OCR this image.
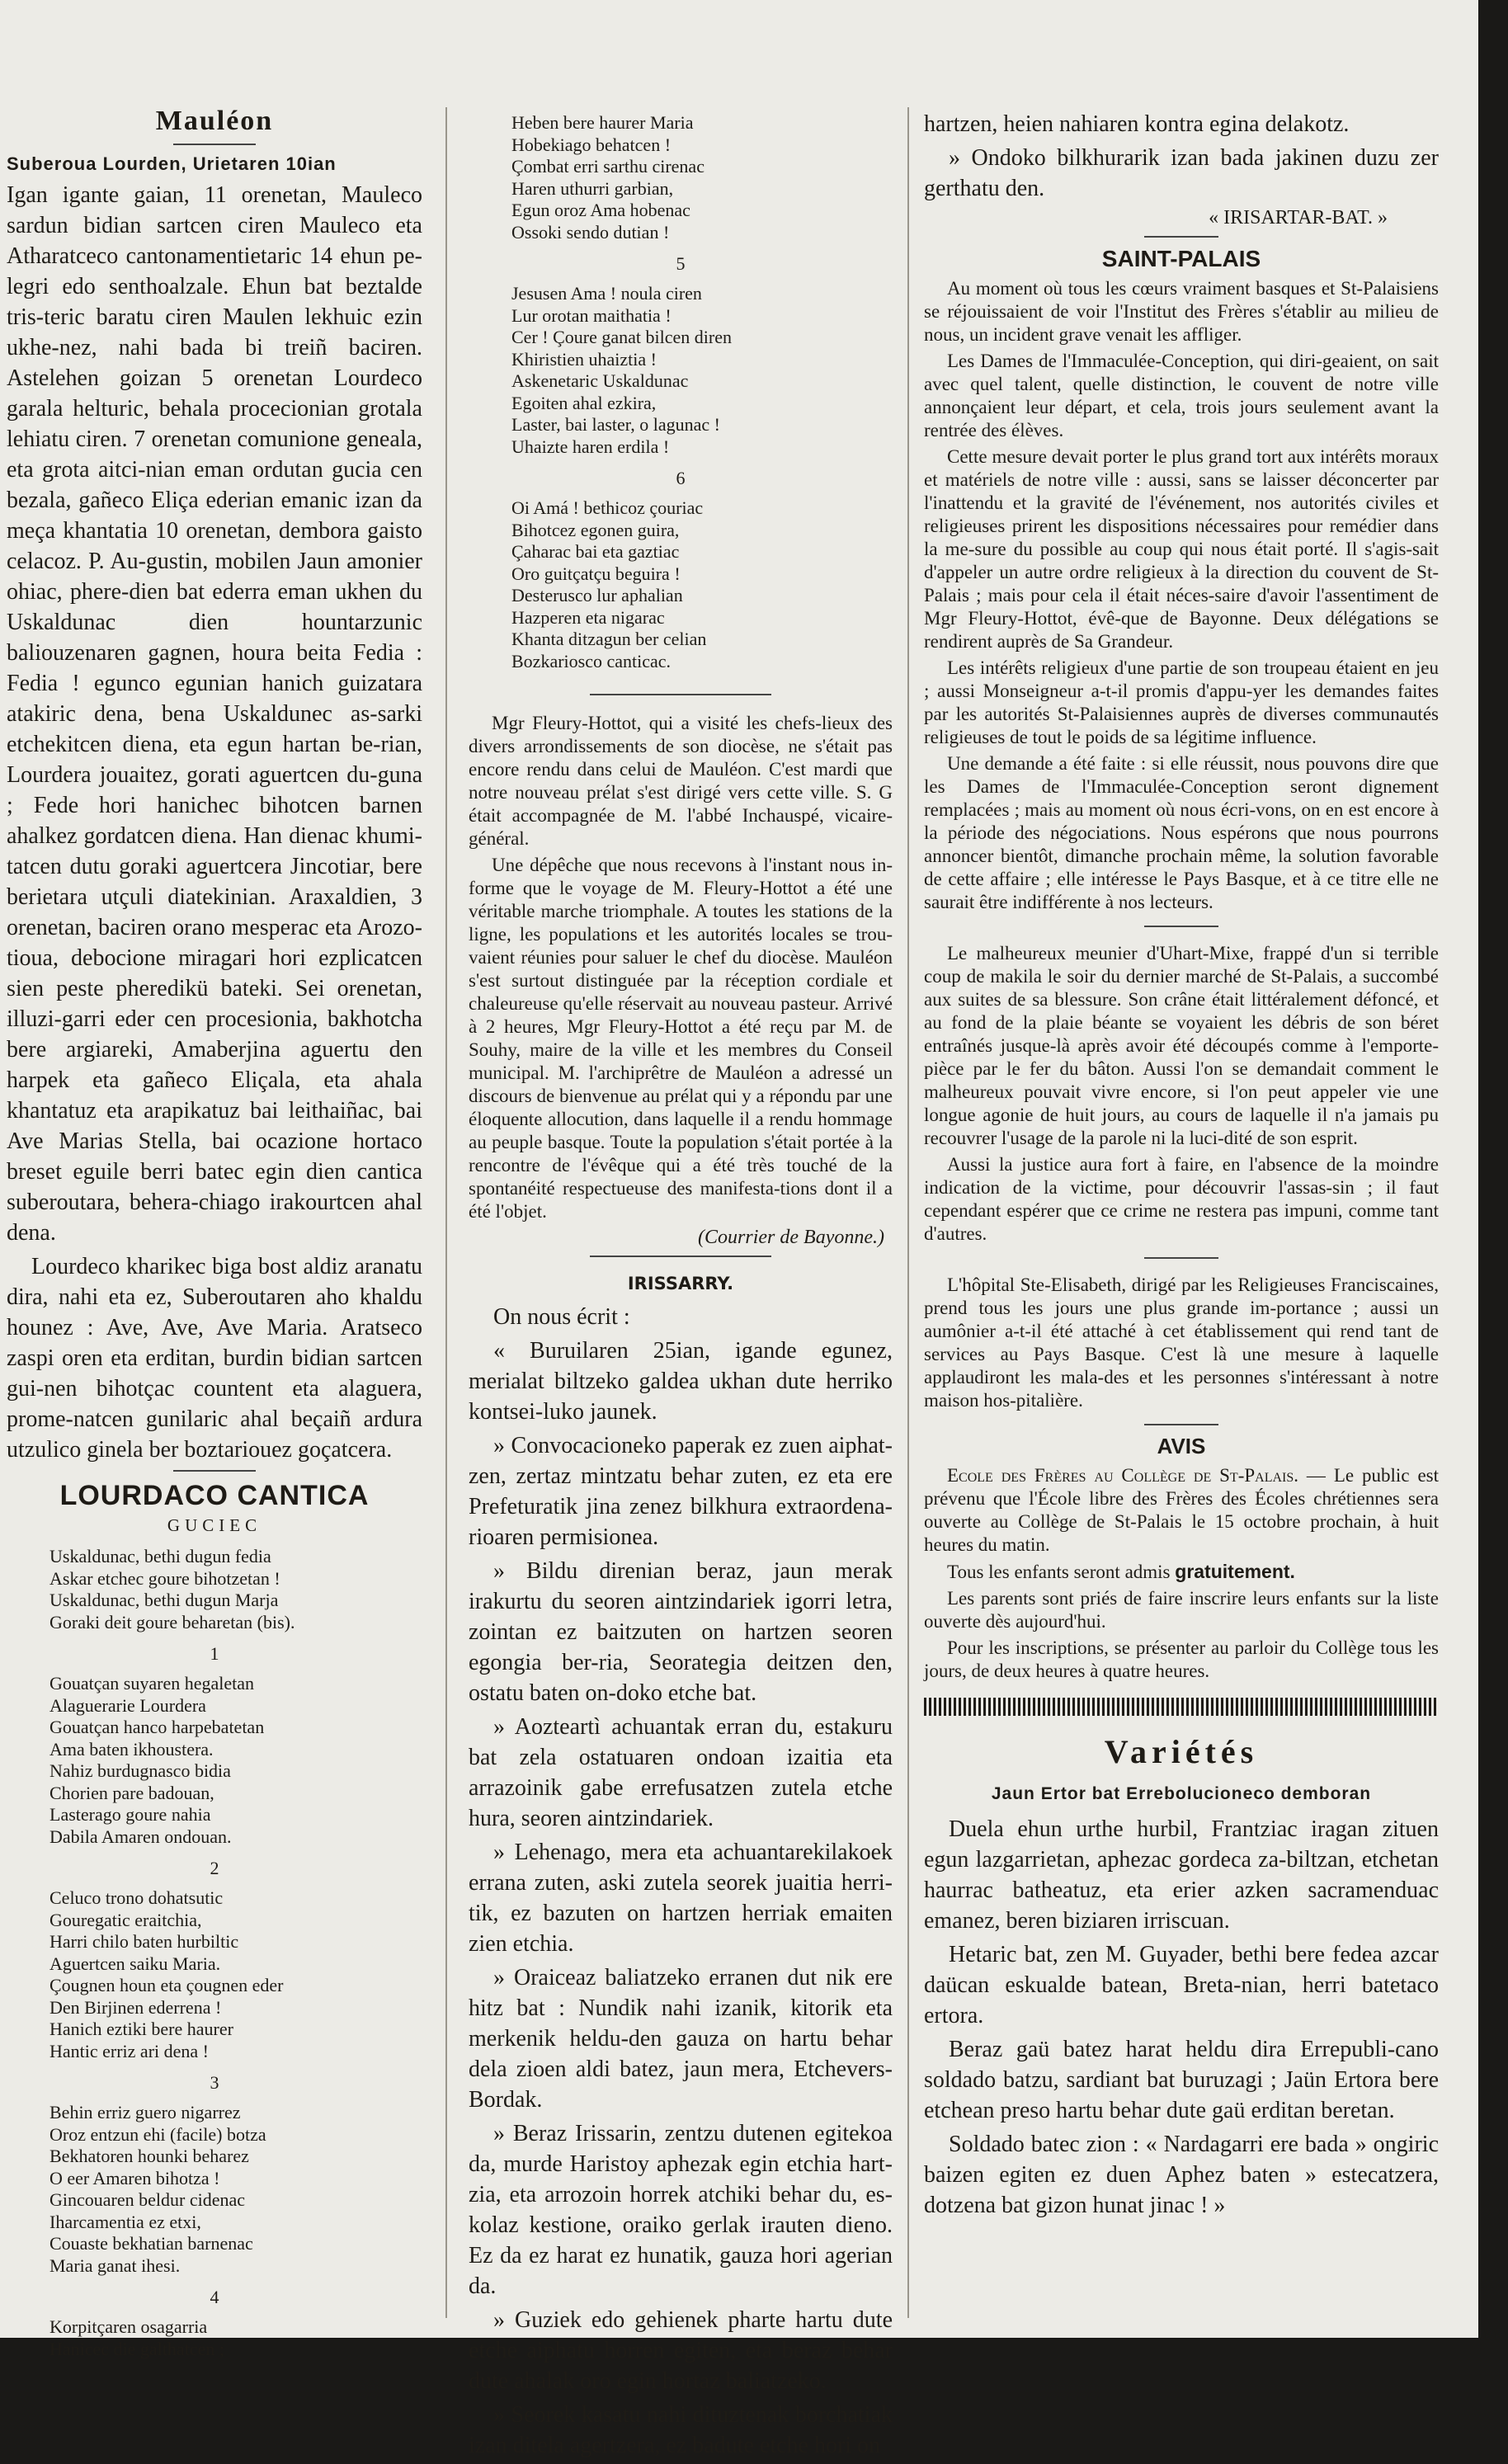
Mauléon
Suberoua Lourden, Urietaren 10ian
Igan igante gaian, 11 orenetan, Mauleco sardun bidian sartcen ciren Mauleco eta Atharatceco cantonamentietaric 14 ehun pe-legri edo senthoalzale. Ehun bat beztalde tris-teric baratu ciren Maulen lekhuic ezin ukhe-nez, nahi bada bi treiñ baciren. Astelehen goizan 5 orenetan Lourdeco garala helturic, behala procecionian grotala lehiatu ciren. 7 orenetan comunione geneala, eta grota aitci-nian eman ordutan gucia cen bezala, gañeco Eliça ederian emanic izan da meça khantatia 10 orenetan, dembora gaisto celacoz. P. Au-gustin, mobilen Jaun amonier ohiac, phere-dien bat ederra eman ukhen du Uskaldunac dien hountarzunic baliouzenaren gagnen, houra beita Fedia : Fedia ! egunco egunian hanich guizatara atakiric dena, bena Uskaldunec as-sarki etchekitcen diena, eta egun hartan be-rian, Lourdera jouaitez, gorati aguertcen du-guna ; Fede hori hanichec bihotcen barnen ahalkez gordatcen diena. Han dienac khumi-tatcen dutu goraki aguertcera Jincotiar, bere berietara utçuli diatekinian. Araxaldien, 3 orenetan, baciren orano mesperac eta Arozo-tioua, debocione miragari hori ezplicatcen sien peste pheredikü bateki. Sei orenetan, illuzi-garri eder cen procesionia, bakhotcha bere argiareki, Amaberjina aguertu den harpek eta gañeco Eliçala, eta ahala khantatuz eta arapikatuz bai leithaiñac, bai Ave Marias Stella, bai ocazione hortaco breset eguile berri batec egin dien cantica suberoutara, behera-chiago irakourtcen ahal dena.
Lourdeco kharikec biga bost aldiz aranatu dira, nahi eta ez, Suberoutaren aho khaldu hounez : Ave, Ave, Ave Maria. Aratseco zaspi oren eta erditan, burdin bidian sartcen gui-nen bihotçac countent eta alaguera, prome-natcen gunilaric ahal beçaiñ ardura utzulico ginela ber boztariouez goçatcera.
LOURDACO CANTICA
GUCIEC
Uskaldunac, bethi dugun fedia
Askar etchec goure bihotzetan !
Uskaldunac, bethi dugun Marja
Goraki deit goure beharetan (bis).
1
Gouatçan suyaren hegaletan
Alaguerarie Lourdera
Gouatçan hanco harpebatetan
Ama baten ikhoustera.
Nahiz burdugnasco bidia
Chorien pare badouan,
Lasterago goure nahia
Dabila Amaren ondouan.
2
Celuco trono dohatsutic
Gouregatic eraitchia,
Harri chilo baten hurbiltic
Aguertcen saiku Maria.
Çougnen houn eta çougnen eder
Den Birjinen ederrena !
Hanich eztiki bere haurer
Hantic erriz ari dena !
3
Behin erriz guero nigarrez
Oroz entzun ehi (facile) botza
Bekhatoren hounki beharez
O eer Amaren bihotza !
Gincouaren beldur cidenac
Iharcamentia ez etxi,
Couaste bekhatian barnenac
Maria ganat ihesi.
4
Korpitçaren osagarria
Hanicec die galthatcen ;
Heben bere haurer Maria
Hobekiago behatcen !
Çombat erri sarthu cirenac
Haren uthurri garbian,
Egun oroz Ama hobenac
Ossoki sendo dutian !
5
Jesusen Ama ! noula ciren
Lur orotan maithatia !
Cer ! Çoure ganat bilcen diren
Khiristien uhaiztia !
Askenetaric Uskaldunac
Egoiten ahal ezkira,
Laster, bai laster, o lagunac !
Uhaizte haren erdila !
6
Oi Amá ! bethicoz çouriac
Bihotcez egonen guira,
Çaharac bai eta gaztiac
Oro guitçatçu beguira !
Desterusco lur aphalian
Hazperen eta nigarac
Khanta ditzagun ber celian
Bozkariosco canticac.
Mgr Fleury-Hottot, qui a visité les chefs-lieux des divers arrondissements de son diocèse, ne s'était pas encore rendu dans celui de Mauléon. C'est mardi que notre nouveau prélat s'est dirigé vers cette ville. S. G était accompagnée de M. l'abbé Inchauspé, vicaire-général.
Une dépêche que nous recevons à l'instant nous in-forme que le voyage de M. Fleury-Hottot a été une véritable marche triomphale. A toutes les stations de la ligne, les populations et les autorités locales se trou-vaient réunies pour saluer le chef du diocèse. Mauléon s'est surtout distinguée par la réception cordiale et chaleureuse qu'elle réservait au nouveau pasteur. Arrivé à 2 heures, Mgr Fleury-Hottot a été reçu par M. de Souhy, maire de la ville et les membres du Conseil municipal. M. l'archiprêtre de Mauléon a adressé un discours de bienvenue au prélat qui y a répondu par une éloquente allocution, dans laquelle il a rendu hommage au peuple basque. Toute la population s'était portée à la rencontre de l'évêque qui a été très touché de la spontanéité respectueuse des manifesta-tions dont il a été l'objet.
(Courrier de Bayonne.)
IRISSARRY.
On nous écrit :
« Buruilaren 25ian, igande egunez, merialat biltzeko galdea ukhan dute herriko kontsei-luko jaunek.
» Convocacioneko paperak ez zuen aiphat-zen, zertaz mintzatu behar zuten, ez eta ere Prefeturatik jina zenez bilkhura extraordena-rioaren permisionea.
» Bildu direnian beraz, jaun merak irakurtu du seoren aintzindariek igorri letra, zointan ez baitzuten on hartzen seoren egongia ber-ria, Seorategia deitzen den, ostatu baten on-doko etche bat.
» Aozteartì achuantak erran du, estakuru bat zela ostatuaren ondoan izaitia eta arrazoinik gabe errefusatzen zutela etche hura, seoren aintzindariek.
» Lehenago, mera eta achuantarekilakoek errana zuten, aski zutela seorek juaitia herri-tik, ez bazuten on hartzen herriak emaiten zien etchia.
» Oraiceaz baliatzeko erranen dut nik ere hitz bat : Nundik nahi izanik, kitorik eta merkenik heldu-den gauza on hartu behar dela zioen aldi batez, jaun mera, Etchevers-Bordak.
» Beraz Irissarin, zentzu dutenen egitekoa da, murde Haristoy aphezak egin etchia hart-zia, eta arrozoin horrek atchiki behar du, es-kolaz kestione, oraiko gerlak irauten dieno. Ez da ez harat ez hunatik, gauza hori agerian da.
» Guziek edo gehienek pharte hartu dute etche aiphatu horren egiten, eta beraz behar dute ahalak oro egin hortaz baliatzeko.
» Seorek kasatu nahi dituztenak borchatiak izan ditela agertzera, ez badute etche hori on
hartzen, heien nahiaren kontra egina delakotz.
» Ondoko bilkhurarik izan bada jakinen duzu zer gerthatu den.
« IRISARTAR-BAT. »
SAINT-PALAIS
Au moment où tous les cœurs vraiment basques et St-Palaisiens se réjouissaient de voir l'Institut des Frères s'établir au milieu de nous, un incident grave venait les affliger.
Les Dames de l'Immaculée-Conception, qui diri-geaient, on sait avec quel talent, quelle distinction, le couvent de notre ville annonçaient leur départ, et cela, trois jours seulement avant la rentrée des élèves.
Cette mesure devait porter le plus grand tort aux intérêts moraux et matériels de notre ville : aussi, sans se laisser déconcerter par l'inattendu et la gravité de l'événement, nos autorités civiles et religieuses prirent les dispositions nécessaires pour remédier dans la me-sure du possible au coup qui nous était porté. Il s'agis-sait d'appeler un autre ordre religieux à la direction du couvent de St-Palais ; mais pour cela il était néces-saire d'avoir l'assentiment de Mgr Fleury-Hottot, évê-que de Bayonne. Deux délégations se rendirent auprès de Sa Grandeur.
Les intérêts religieux d'une partie de son troupeau étaient en jeu ; aussi Monseigneur a-t-il promis d'appu-yer les demandes faites par les autorités St-Palaisiennes auprès de diverses communautés religieuses de tout le poids de sa légitime influence.
Une demande a été faite : si elle réussit, nous pouvons dire que les Dames de l'Immaculée-Conception seront dignement remplacées ; mais au moment où nous écri-vons, on en est encore à la période des négociations. Nous espérons que nous pourrons annoncer bientôt, dimanche prochain même, la solution favorable de cette affaire ; elle intéresse le Pays Basque, et à ce titre elle ne saurait être indifférente à nos lecteurs.
Le malheureux meunier d'Uhart-Mixe, frappé d'un si terrible coup de makila le soir du dernier marché de St-Palais, a succombé aux suites de sa blessure. Son crâne était littéralement défoncé, et au fond de la plaie béante se voyaient les débris de son béret entraînés jusque-là après avoir été découpés comme à l'emporte-pièce par le fer du bâton. Aussi l'on se demandait comment le malheureux pouvait vivre encore, si l'on peut appeler vie une longue agonie de huit jours, au cours de laquelle il n'a jamais pu recouvrer l'usage de la parole ni la luci-dité de son esprit.
Aussi la justice aura fort à faire, en l'absence de la moindre indication de la victime, pour découvrir l'assas-sin ; il faut cependant espérer que ce crime ne restera pas impuni, comme tant d'autres.
L'hôpital Ste-Elisabeth, dirigé par les Religieuses Franciscaines, prend tous les jours une plus grande im-portance ; aussi un aumônier a-t-il été attaché à cet établissement qui rend tant de services au Pays Basque. C'est là une mesure à laquelle applaudiront les mala-des et les personnes s'intéressant à notre maison hos-pitalière.
AVIS
Ecole des Frères au Collège de St-Palais. — Le public est prévenu que l'École libre des Frères des Écoles chrétiennes sera ouverte au Collège de St-Palais le 15 octobre prochain, à huit heures du matin.
Tous les enfants seront admis gratuitement.
Les parents sont priés de faire inscrire leurs enfants sur la liste ouverte dès aujourd'hui.
Pour les inscriptions, se présenter au parloir du Collège tous les jours, de deux heures à quatre heures.
Variétés
Jaun Ertor bat Errebolucioneco demboran
Duela ehun urthe hurbil, Frantziac iragan zituen egun lazgarrietan, aphezac gordeca za-biltzan, etchetan haurrac batheatuz, eta erier azken sacramenduac emanez, beren biziaren irriscuan.
Hetaric bat, zen M. Guyader, bethi bere fedea azcar daücan eskualde batean, Breta-nian, herri batetaco ertora.
Beraz gaü batez harat heldu dira Errepubli-cano soldado batzu, sardiant bat buruzagi ; Jaün Ertora bere etchean preso hartu behar dute gaü erditan beretan.
Soldado batec zion : « Nardagarri ere bada » ongiric baizen egiten ez duen Aphez baten » estecatzera, dotzena bat gizon hunat jinac ! »
